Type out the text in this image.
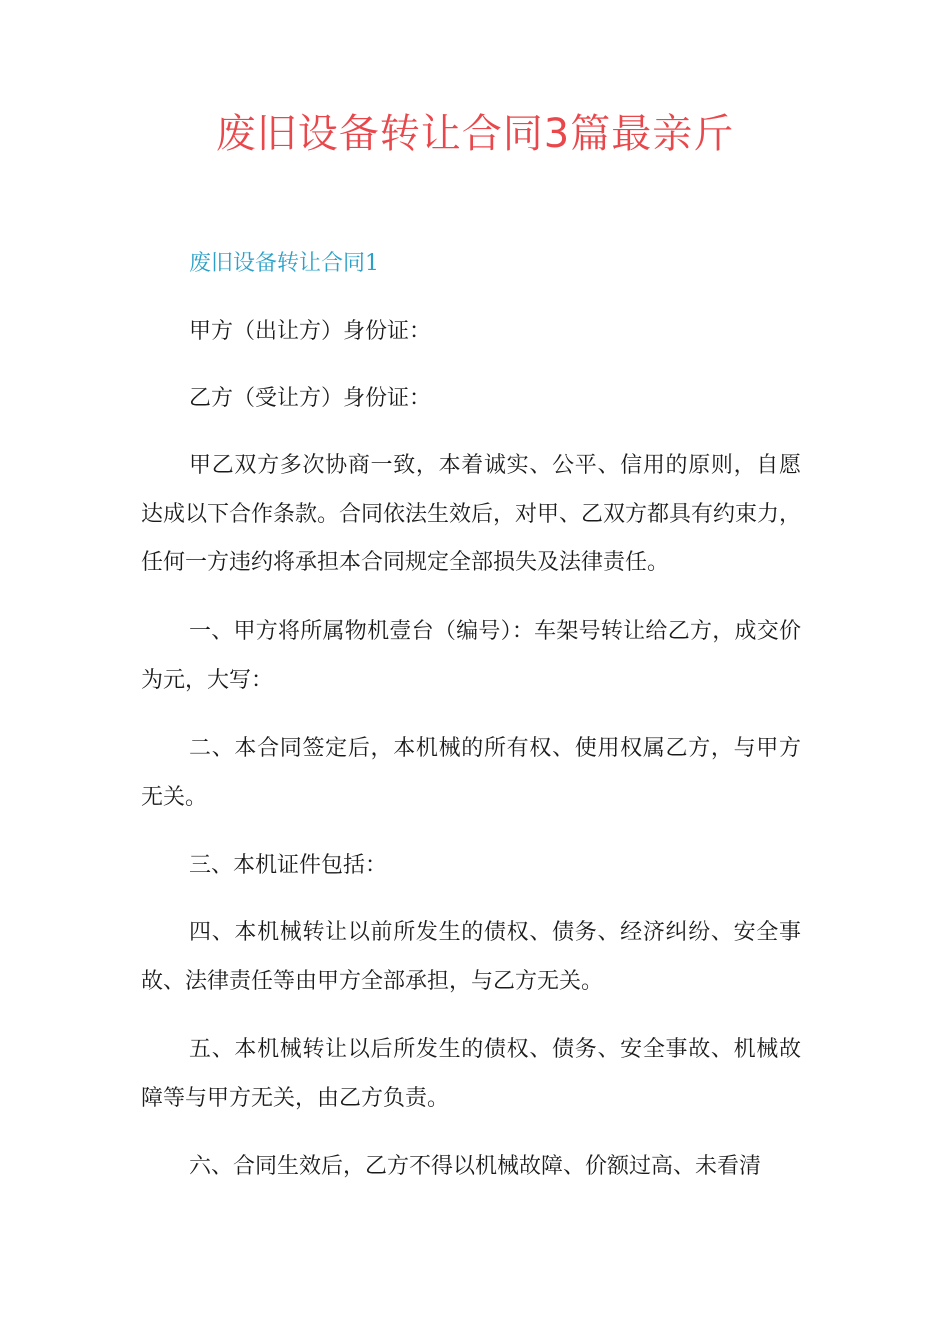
废旧设备转让合同3篇最亲斤
废旧设备转让合同1

甲方（出让方）身份证：

乙方（受让方）身份证：

甲乙双方多次协商一致，本着诚实、公平、信用的原则，自愿达成以下合作条款。合同依法生效后，对甲、乙双方都具有约束力，任何一方违约将承担本合同规定全部损失及法律责任。

一、甲方将所属物机壹台（编号）：车架号转让给乙方，成交价为元，大写：

二、本合同签定后，本机械的所有权、使用权属乙方，与甲方无关。

三、本机证件包括：

四、本机械转让以前所发生的债权、债务、经济纠纷、安全事故、法律责任等由甲方全部承担，与乙方无关。

五、本机械转让以后所发生的债权、债务、安全事故、机械故障等与甲方无关，由乙方负责。

六、合同生效后，乙方不得以机械故障、价额过高、未看清
